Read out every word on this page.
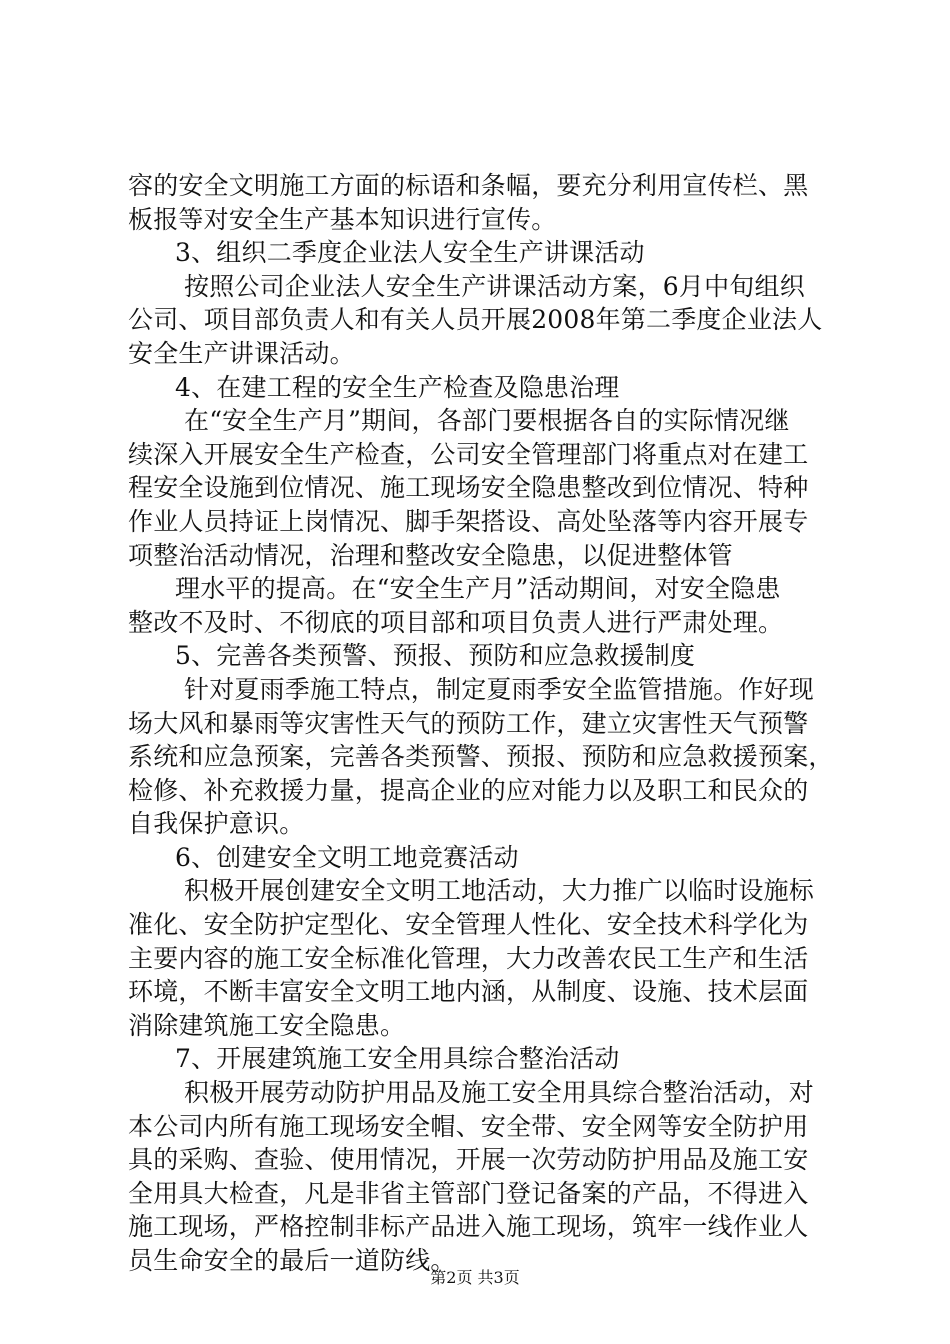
容的安全文明施工方面的标语和条幅，要充分利用宣传栏、黑
板报等对安全生产基本知识进行宣传。
3、组织二季度企业法人安全生产讲课活动
按照公司企业法人安全生产讲课活动方案，6月中旬组织
公司、项目部负责人和有关人员开展2008年第二季度企业法人
安全生产讲课活动。
4、在建工程的安全生产检查及隐患治理
在“安全生产月”期间，各部门要根据各自的实际情况继
续深入开展安全生产检查，公司安全管理部门将重点对在建工
程安全设施到位情况、施工现场安全隐患整改到位情况、特种
作业人员持证上岗情况、脚手架搭设、高处坠落等内容开展专
项整治活动情况，治理和整改安全隐患，以促进整体管
理水平的提高。在“安全生产月”活动期间，对安全隐患
整改不及时、不彻底的项目部和项目负责人进行严肃处理。
5、完善各类预警、预报、预防和应急救援制度
针对夏雨季施工特点，制定夏雨季安全监管措施。作好现
场大风和暴雨等灾害性天气的预防工作，建立灾害性天气预警
系统和应急预案，完善各类预警、预报、预防和应急救援预案，
检修、补充救援力量，提高企业的应对能力以及职工和民众的
自我保护意识。
6、创建安全文明工地竞赛活动
积极开展创建安全文明工地活动，大力推广以临时设施标
准化、安全防护定型化、安全管理人性化、安全技术科学化为
主要内容的施工安全标准化管理，大力改善农民工生产和生活
环境，不断丰富安全文明工地内涵，从制度、设施、技术层面
消除建筑施工安全隐患。
7、开展建筑施工安全用具综合整治活动
积极开展劳动防护用品及施工安全用具综合整治活动，对
本公司内所有施工现场安全帽、安全带、安全网等安全防护用
具的采购、查验、使用情况，开展一次劳动防护用品及施工安
全用具大检查，凡是非省主管部门登记备案的产品，不得进入
施工现场，严格控制非标产品进入施工现场，筑牢一线作业人
员生命安全的最后一道防线。
第2页 共3页
